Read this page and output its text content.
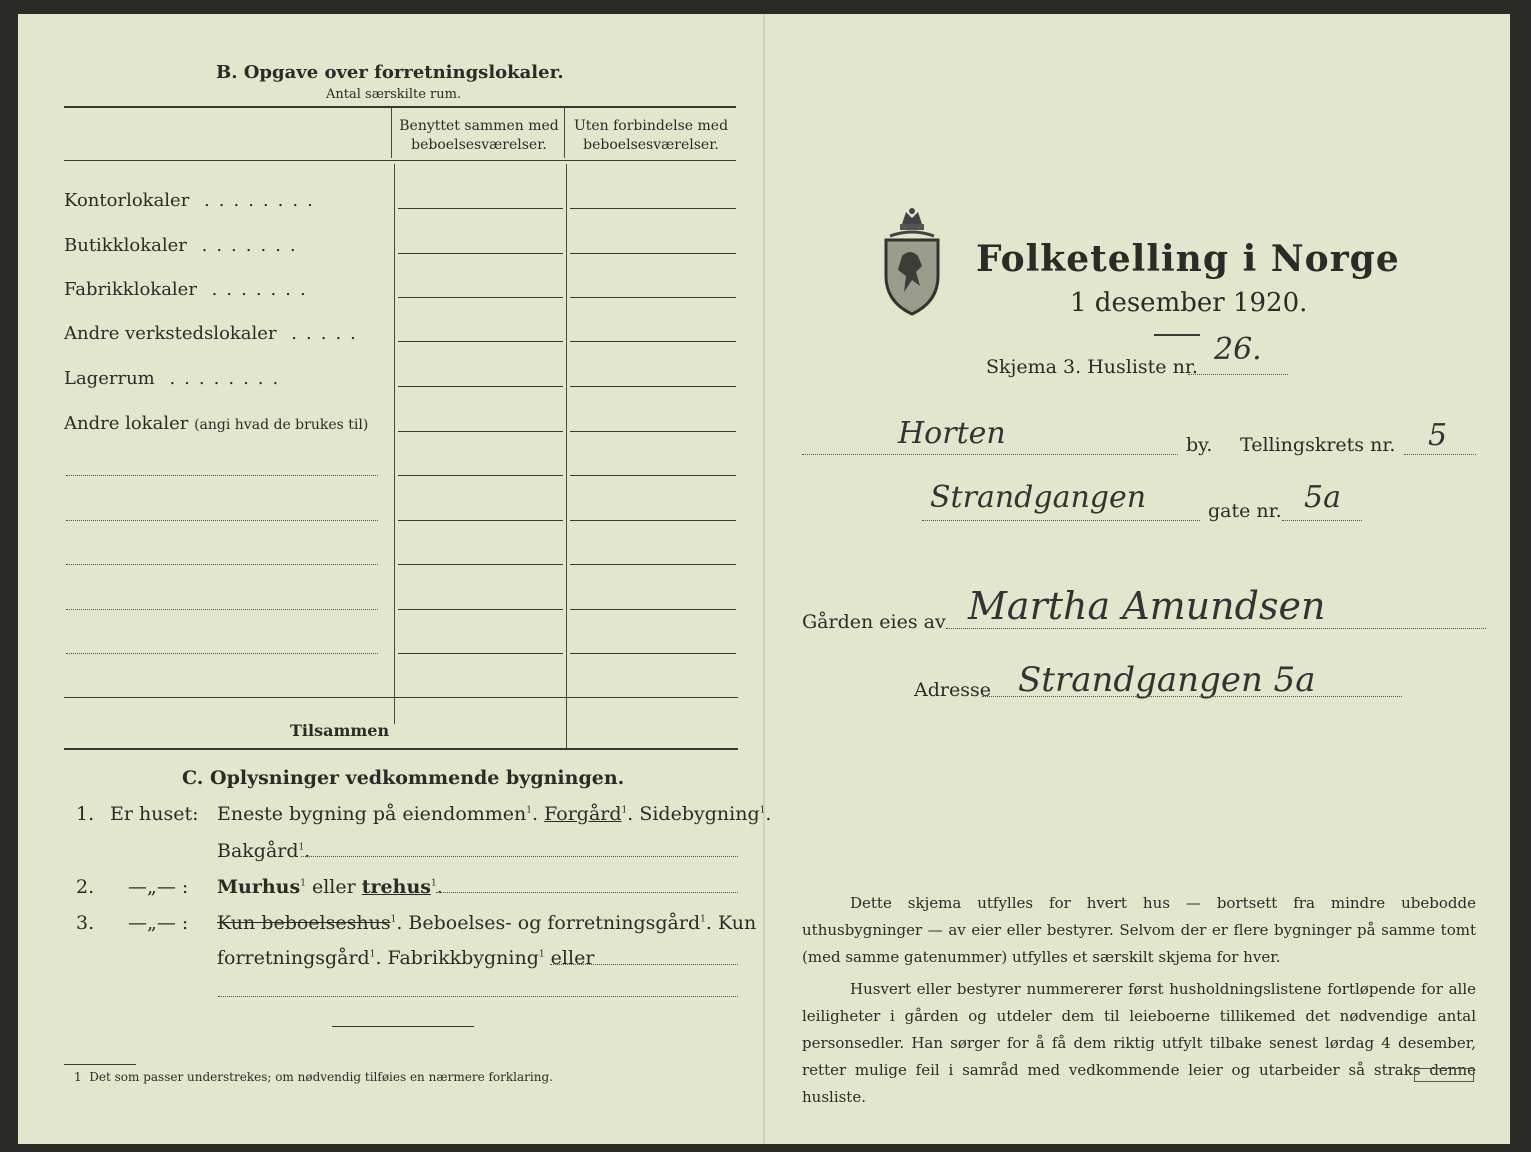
B. Opgave over forretningslokaler.
Antal særskilte rum.
Benyttet sammen med
beboelsesværelser.
Uten forbindelse med
beboelsesværelser.
Kontorlokaler ........
Butikklokaler .......
Fabrikklokaler .......
Andre verkstedslokaler .....
Lagerrum ........
Andre lokaler (angi hvad de brukes til)
Tilsammen
C. Oplysninger vedkommende bygningen.
1. Er huset: Eneste bygning på eiendommen$^1$. Forgård$^1$. Sidebygning$^1$.
Bakgård$^1$.
2. —„— : Murhus$^1$ eller trehus$^1$.
3. —„— : Kun beboelseshus$^1$. Beboelses- og forretningsgård$^1$. Kun
forretningsgård$^1$. Fabrikkbygning$^1$ eller
1 Det som passer understrekes; om nødvendig tilføies en nærmere forklaring.
Folketelling i Norge
1 desember 1920.
Skjema 3. Husliste nr. 26.
Horten	by. Tellingskrets nr. 5
Strandgangen	gate nr. 5a
Gården eies av Martha Amundsen
Adresse Strandgangen 5a
Dette skjema utfylles for hvert hus — bortsett fra mindre ubebodde uthusbygninger — av eier eller bestyrer. Selvom der er flere bygninger på samme tomt (med samme gatenummer) utfylles et særskilt skjema for hver.
Husvert eller bestyrer nummererer først husholdningslistene fortløpende for alle leiligheter i gården og utdeler dem til leieboerne tillikemed det nødvendige antal personsedler. Han sørger for å få dem riktig utfylt tilbake senest lørdag 4 desember, retter mulige feil i samråd med vedkommende leier og utarbeider så straks denne husliste.
